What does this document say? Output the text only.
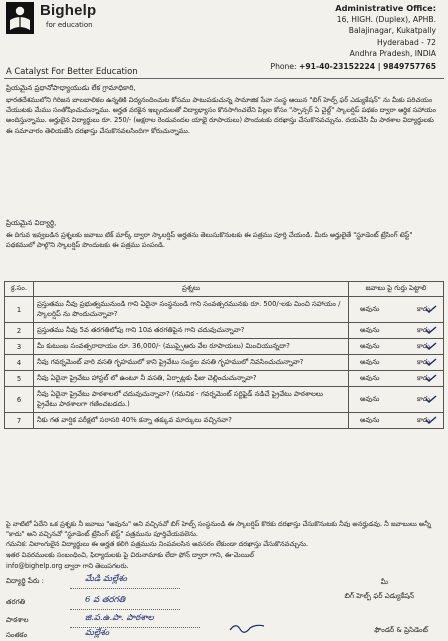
Bighelp
for education
A Catalyst For Better Education
Administrative Office:
16, HIGH. (Duplex), APHB.
Balajinagar, Kukatpally
Hyderabad - 72
Andhra Pradesh, INDIA
Phone: +91-40-23152224 | 9849757765
ప్రియమైన ప్రధానోపాధ్యాయుడు లేక గ్రామాధికారి,
భారతదేశములోని గిరిజన బాలబాలికల ఉన్నతికి విద్యనందించుట కోసము పాటుపడుచున్న సామాజిక సేవా సంస్థ ఆయిన "బిగ్ హెల్ప్ ఫర్ ఎడ్యుకేషన్" ను మీకు పరిచయం చేయుటకు మేము సంతోషించుచున్నాము. అర్హత వరకైన ఇబ్బందులతో విద్యాభ్యాసం కొనసాగించలేని పిల్లల కోసం "స్పాన్సర్ ఏ చైల్డ్" స్కాలర్షిప్ పథకం ద్వారా ఆర్థిక సహాయం అందిస్తున్నాము. అర్హులైన విద్యార్థులు రూ. 250/- (అక్షరాల రెండువందల యాభై రూపాయలు) పొందుటకు దరఖాస్తు చేసుకొనవచ్చును. దయచేసి మీ పాఠశాల విద్యార్థులకు ఈ సమాచారం తెలియజేసి దరఖాస్తు చేసుకొనవలసిందిగా కోరుచున్నాము.
ప్రియమైన విద్యార్థి,
ఈ దిగువ ఇవ్వబడిన ప్రశ్నలకు జవాబు టిక్ మార్క్ ద్వారా స్కాలర్షిప్ అర్హతను తెలుసుకొనుటకు ఈ పత్రము పూర్తి చేయండి. మీరు అర్హులైతే "స్టూడెంట్ ట్రేసింగ్ టెస్ట్" పథకములో పాల్గొని స్కాలర్షిప్ పొందుటకు ఈ పత్రము పంపండి.
క్ర.సం.	ప్రశ్నలు	జవాబు పై గుర్తు పెట్టాలి
1	ప్రస్తుతము నీవు ప్రభుత్వమునుండి గాని ఏదైనా సంస్థనుండి గాని సంవత్సరమునకు రూ. 500/-లకు మించి సహాయం / స్కాలర్షిప్ ను పొందుచున్నావా?	అవును కాదు

2	ప్రస్తుతము నీవు 5వ తరగతిలోపు గాని 10వ తరగతిపైన గాని చదువుచున్నావా?	అవును కాదు

3	మీ కుటుంబ సంవత్సరాదాయం రూ. 36,000/- (ముప్పైఆరు వేల రూపాయలు) మించియున్నదా?	అవును కాదు

4	నీవు గవర్నమెంట్ వారి వసతి గృహములో కాని ప్రైవేటు సంస్థల వసతి గృహములో నివసించుచున్నావా?	అవును కాదు

5	నీవు ఏదైనా ప్రైవేటు హాస్టల్ లో ఉంటూ నీ వసతి, ఏర్పాట్లకు ఫీజు చెల్లించుచున్నావా?	అవును కాదు

6	నీవు ఏదైనా ప్రైవేటు పాఠశాలలో చదువుచున్నావా? (గమనిక - గవర్నమెంట్ సర్టిఫైడ్ నడిచే ప్రైవేటు పాఠశాలలు ప్రైవేటు పాఠశాలగా గణించబడదు.)	అవును కాదు

7	నీకు గత వార్షిక పరీక్షలో సరాసరి 40% కన్నా తక్కువ మార్కులు వచ్చినవా?	అవును కాదు
పై వాటిలో ఏదేని ఒక ప్రశ్నకు నీ జవాబు "అవును" అని వచ్చినచో బిగ్ హెల్ప్ సంస్థనుండి ఈ స్కాలర్షిప్ కొరకు దరఖాస్తు చేసుకొనుటకు నీవు అనర్హుడవు. నీ జవాబులు అన్నీ "కాదు" అని వచ్చినచో "స్టూడెంట్ ట్రేసింగ్ టెస్ట్" పత్రమును పూర్తిచేయవలెను.
గమనిక: విలాంగులైన విద్యార్థులు ఈ అర్హత కలిగి పత్రమును నింపవలసిన అవసరం లేకుండా దరఖాస్తు చేసుకొనవచ్చును.
ఇతర వివరములకు సంబంధించి, ఫిర్యాదులకు పై చిరునామాకు లేదా ఫోన్ ద్వారా గాని, ఈ-మెయిల్
info@bighelp.org ద్వారా గాని తెలుపగలరు.
విద్యార్థి పేరు :	మేడి మల్లేశం
తరగతి	6 వ తరగతి
పాఠశాల	జి.ప.ఉ.పా. పాఠశాల
సంతకం	మల్లేశం
మీ
బిగ్ హెల్ప్ ఫర్ ఎడ్యుకేషన్
ఫౌండర్ & ప్రెసిడెంట్
